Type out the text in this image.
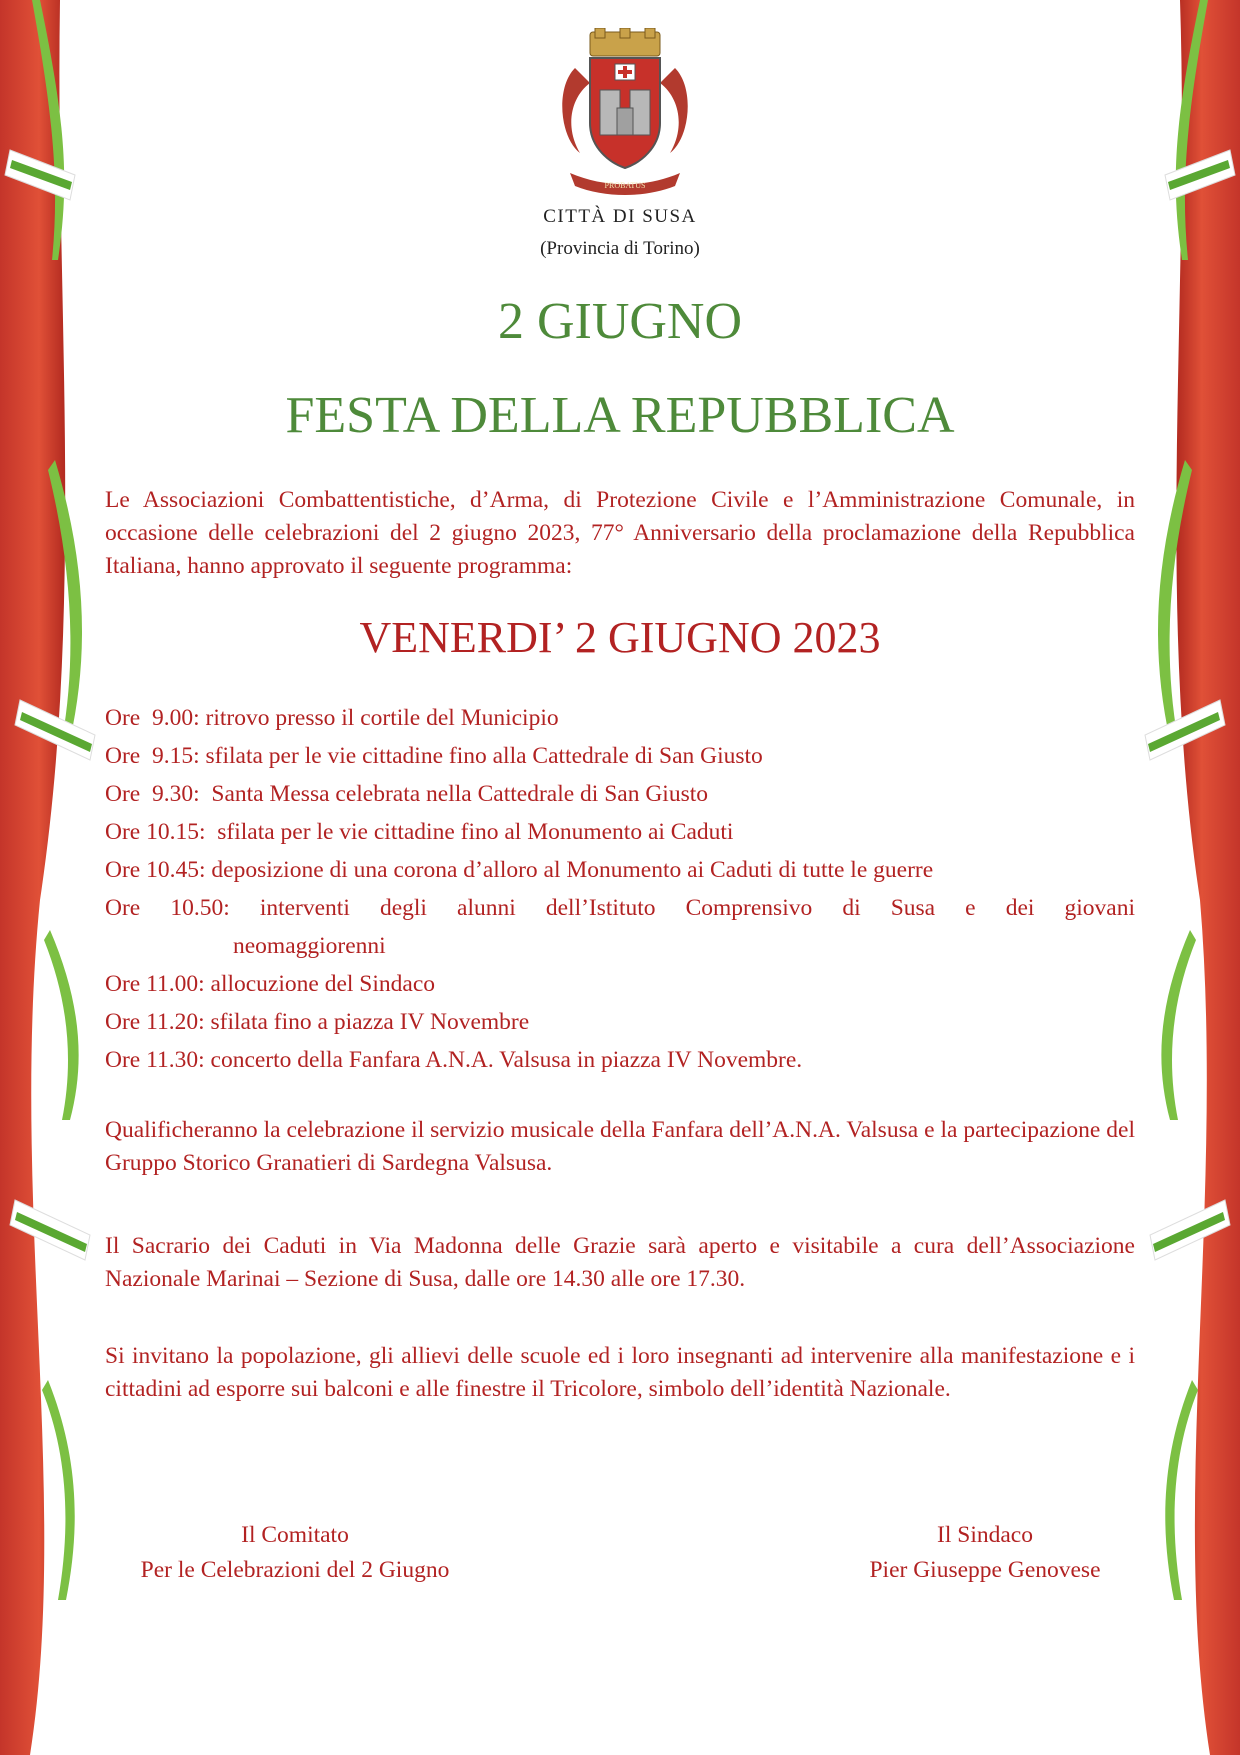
PROBATUS
CITTÀ DI SUSA
(Provincia di Torino)
2 GIUGNO
FESTA DELLA REPUBBLICA

Le Associazioni Combattentistiche, d’Arma, di Protezione Civile e l’Amministrazione Comunale, in occasione delle celebrazioni del 2 giugno 2023, 77° Anniversario della proclamazione della Repubblica Italiana, hanno approvato il seguente programma:

VENERDI’ 2 GIUGNO 2023
Ore  9.00: ritrovo presso il cortile del Municipio
Ore  9.15: sfilata per le vie cittadine fino alla Cattedrale di San Giusto
Ore  9.30: Santa Messa celebrata nella Cattedrale di San Giusto
Ore 10.15: sfilata per le vie cittadine fino al Monumento ai Caduti
Ore 10.45: deposizione di una corona d’alloro al Monumento ai Caduti di tutte le guerre
Ore 10.50: interventi degli alunni dell’Istituto Comprensivo di Susa e dei giovani
neomaggiorenni
Ore 11.00: allocuzione del Sindaco
Ore 11.20: sfilata fino a piazza IV Novembre
Ore 11.30: concerto della Fanfara A.N.A. Valsusa in piazza IV Novembre.

Qualificheranno la celebrazione il servizio musicale della Fanfara dell’A.N.A. Valsusa e la partecipazione del Gruppo Storico Granatieri di Sardegna Valsusa.

Il Sacrario dei Caduti in Via Madonna delle Grazie sarà aperto e visitabile a cura dell’Associazione Nazionale Marinai – Sezione di Susa, dalle ore 14.30 alle ore 17.30.

Si invitano la popolazione, gli allievi delle scuole ed i loro insegnanti ad intervenire alla manifestazione e i cittadini ad esporre sui balconi e alle finestre il Tricolore, simbolo dell’identità Nazionale.

Il Comitato
Per le Celebrazioni del 2 Giugno
Il Sindaco
Pier Giuseppe Genovese
